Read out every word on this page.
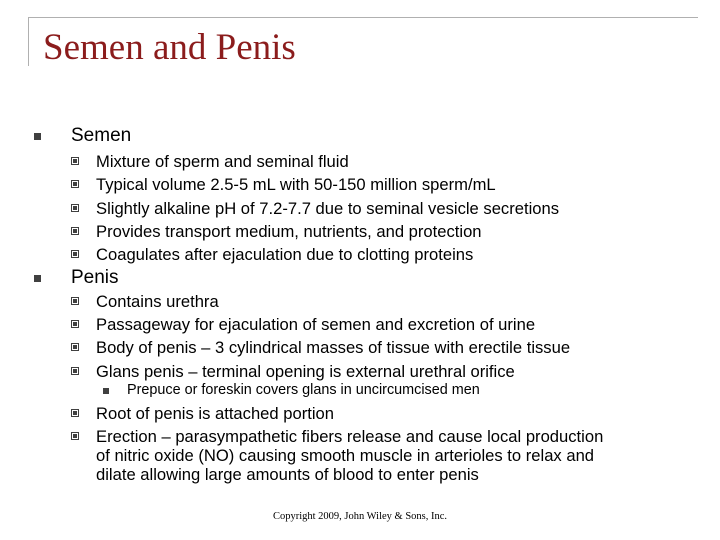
Semen and Penis
Semen
Mixture of sperm and seminal fluid
Typical volume 2.5-5 mL with 50-150 million sperm/mL
Slightly alkaline pH of 7.2-7.7 due to seminal vesicle secretions
Provides transport medium, nutrients, and protection
Coagulates after ejaculation due to clotting proteins
Penis
Contains urethra
Passageway for ejaculation of semen and excretion of urine
Body of penis – 3 cylindrical masses of tissue with erectile tissue
Glans penis – terminal opening is external urethral orifice
Prepuce or foreskin covers glans in uncircumcised men
Root of penis is attached portion
Erection – parasympathetic fibers release and cause local production
of nitric oxide (NO) causing smooth muscle in arterioles to relax and
dilate allowing large amounts of blood to enter penis
Copyright 2009, John Wiley & Sons, Inc.
